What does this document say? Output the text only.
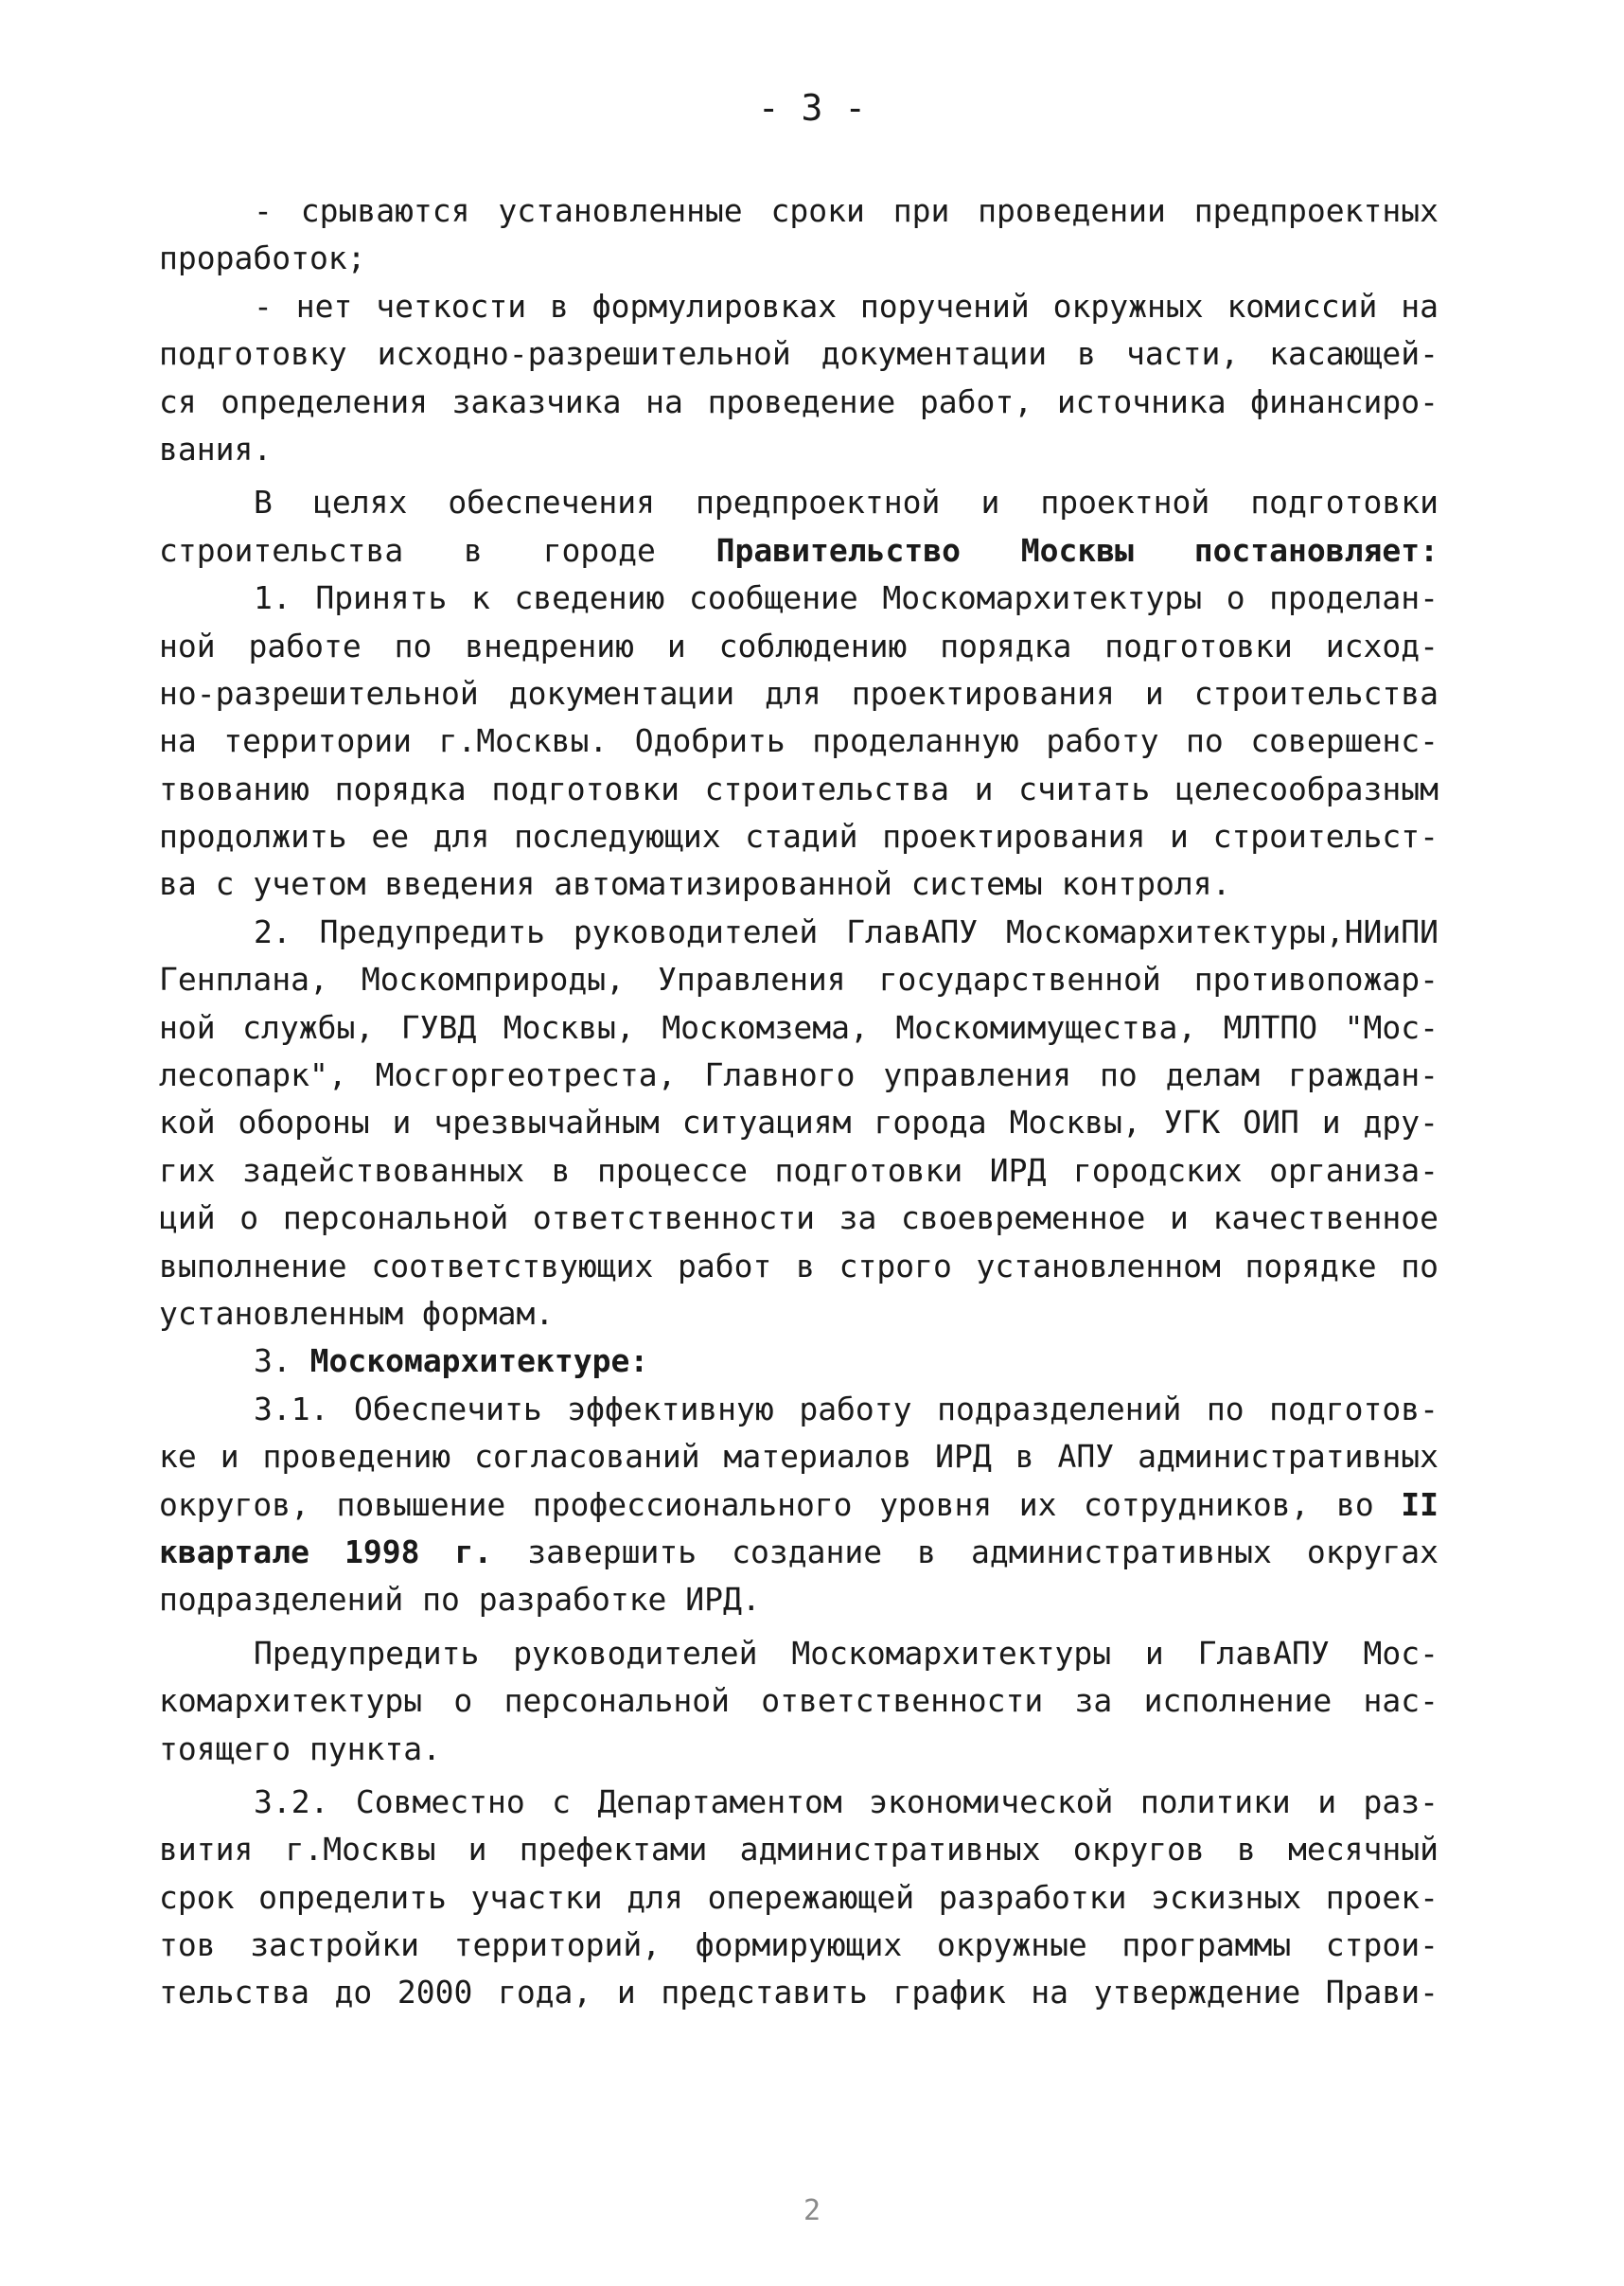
- 3 -
- срываются установленные сроки при проведении предпроектных
проработок;
- нет четкости в формулировках поручений окружных комиссий на
подготовку исходно-разрешительной документации в части, касающей-
ся определения заказчика на проведение работ, источника финансиро-
вания.
В целях обеспечения предпроектной и проектной подготовки
строительства в городе Правительство Москвы постановляет:
1. Принять к сведению сообщение Москомархитектуры о проделан-
ной работе по внедрению и соблюдению порядка подготовки исход-
но-разрешительной документации для проектирования и строительства
на территории г.Москвы. Одобрить проделанную работу по совершенс-
твованию порядка подготовки строительства и считать целесообразным
продолжить ее для последующих стадий проектирования и строительст-
ва с учетом введения автоматизированной системы контроля.
2. Предупредить руководителей ГлавАПУ Москомархитектуры,НИиПИ
Генплана, Москомприроды, Управления государственной противопожар-
ной службы, ГУВД Москвы, Москомзема, Москомимущества, МЛТПО "Мос-
лесопарк", Мосгоргеотреста, Главного управления по делам граждан-
кой обороны и чрезвычайным ситуациям города Москвы, УГК ОИП и дру-
гих задействованных в процессе подготовки ИРД городских организа-
ций о персональной ответственности за своевременное и качественное
выполнение соответствующих работ в строго установленном порядке по
установленным формам.
3. Москомархитектуре:
3.1. Обеспечить эффективную работу подразделений по подготов-
ке и проведению согласований материалов ИРД в АПУ административных
округов, повышение профессионального уровня их сотрудников, во II
квартале 1998 г. завершить создание в административных округах
подразделений по разработке ИРД.
Предупредить руководителей Москомархитектуры и ГлавАПУ Мос-
комархитектуры о персональной ответственности за исполнение нас-
тоящего пункта.
3.2. Совместно с Департаментом экономической политики и раз-
вития г.Москвы и префектами административных округов в месячный
срок определить участки для опережающей разработки эскизных проек-
тов застройки территорий, формирующих окружные программы строи-
тельства до 2000 года, и представить график на утверждение Прави-
2
